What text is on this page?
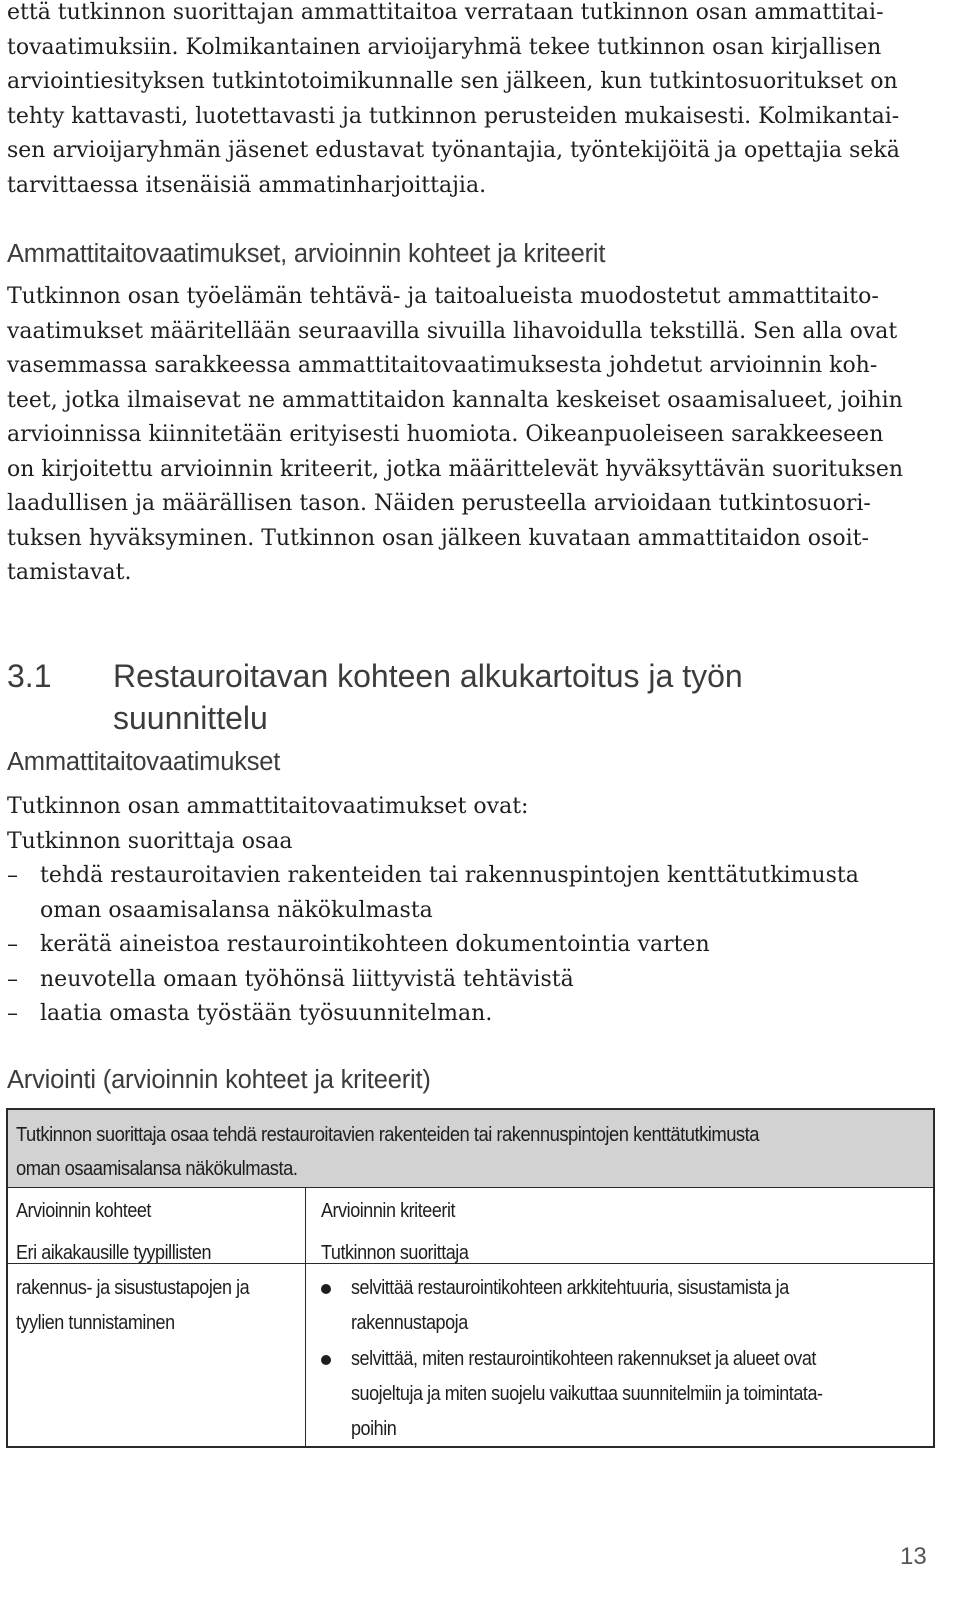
että tutkinnon suorittajan ammattitaitoa verrataan tutkinnon osan ammattitai-
tovaatimuksiin. Kolmikantainen arvioijaryhmä tekee tutkinnon osan kirjallisen
arviointiesityksen tutkintotoimikunnalle sen jälkeen, kun tutkintosuoritukset on
tehty kattavasti, luotettavasti ja tutkinnon perusteiden mukaisesti. Kolmikantai-
sen arvioijaryhmän jäsenet edustavat työnantajia, työntekijöitä ja opettajia sekä
tarvittaessa itsenäisiä ammatinharjoittajia.
Ammattitaitovaatimukset, arvioinnin kohteet ja kriteerit
Tutkinnon osan työelämän tehtävä- ja taitoalueista muodostetut ammattitaito-
vaatimukset määritellään seuraavilla sivuilla lihavoidulla tekstillä. Sen alla ovat
vasemmassa sarakkeessa ammattitaitovaatimuksesta johdetut arvioinnin koh-
teet, jotka ilmaisevat ne ammattitaidon kannalta keskeiset osaamisalueet, joihin
arvioinnissa kiinnitetään erityisesti huomiota. Oikeanpuoleiseen sarakkeeseen
on kirjoitettu arvioinnin kriteerit, jotka määrittelevät hyväksyttävän suorituksen
laadullisen ja määrällisen tason. Näiden perusteella arvioidaan tutkintosuori-
tuksen hyväksyminen. Tutkinnon osan jälkeen kuvataan ammattitaidon osoit-
tamistavat.
3.1 Restauroitavan kohteen alkukartoitus ja työn suunnittelu
Ammattitaitovaatimukset
Tutkinnon osan ammattitaitovaatimukset ovat:
Tutkinnon suorittaja osaa
– tehdä restauroitavien rakenteiden tai rakennuspintojen kenttätutkimusta oman osaamisalansa näkökulmasta
– kerätä aineistoa restaurointikohteen dokumentointia varten
– neuvotella omaan työhönsä liittyvistä tehtävistä
– laatia omasta työstään työsuunnitelman.
Arviointi (arvioinnin kohteet ja kriteerit)
Tutkinnon suorittaja osaa tehdä restauroitavien rakenteiden tai rakennuspintojen kenttätutkimusta
oman osaamisalansa näkökulmasta.
Arvioinnin kohteet	Arvioinnin kriteerit
Eri aikakausille tyypillisten
rakennus- ja sisustustapojen ja
tyylien tunnistaminen
Tutkinnon suorittaja
selvittää restaurointikohteen arkkitehtuuria, sisustamista ja
rakennustapoja
selvittää, miten restaurointikohteen rakennukset ja alueet ovat
suojeltuja ja miten suojelu vaikuttaa suunnitelmiin ja toimintata-
poihin
13
